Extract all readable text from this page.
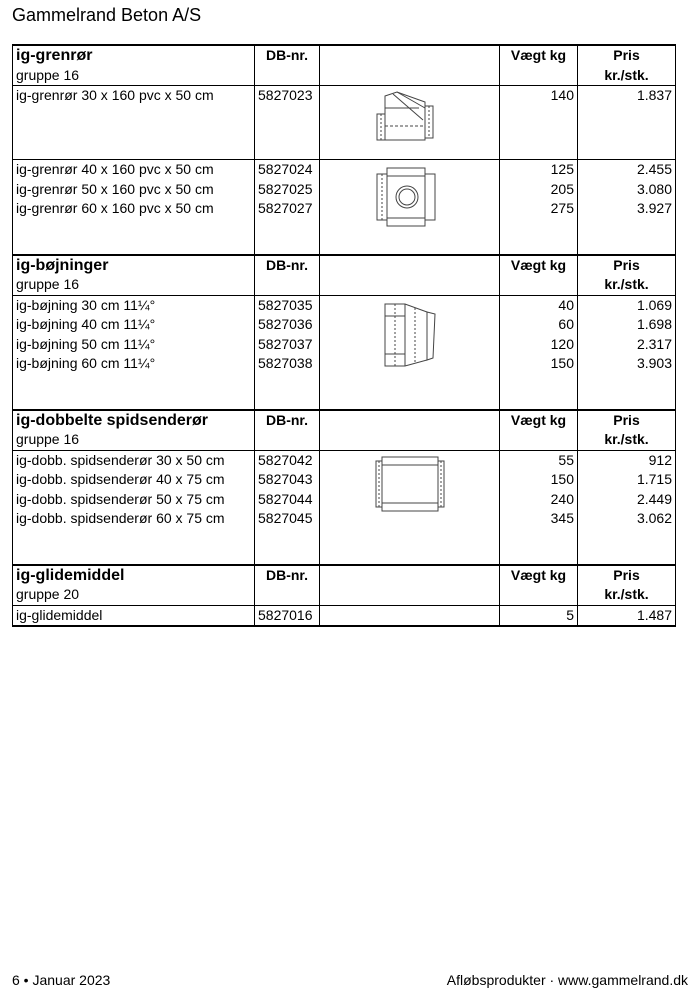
Gammelrand Beton A/S
ig-grenrør	DB-nr.		Vægt kg	Pris
gruppe 16				kr./stk.
ig-grenrør 30 x 160 pvc x 50 cm	5827023		140	1.837
ig-grenrør 40 x 160 pvc x 50 cm	5827024		125	2.455
ig-grenrør 50 x 160 pvc x 50 cm	5827025		205	3.080
ig-grenrør 60 x 160 pvc x 50 cm	5827027		275	3.927

ig-bøjninger	DB-nr.		Vægt kg	Pris
gruppe 16				kr./stk.
ig-bøjning 30 cm 11¼°	5827035		40	1.069
ig-bøjning 40 cm 11¼°	5827036		60	1.698
ig-bøjning 50 cm 11¼°	5827037		120	2.317
ig-bøjning 60 cm 11¼°	5827038		150	3.903

ig-dobbelte spidsenderør	DB-nr.		Vægt kg	Pris
gruppe 16				kr./stk.
ig-dobb. spidsenderør 30 x 50 cm	5827042		55	912
ig-dobb. spidsenderør 40 x 75 cm	5827043		150	1.715
ig-dobb. spidsenderør 50 x 75 cm	5827044		240	2.449
ig-dobb. spidsenderør 60 x 75 cm	5827045		345	3.062

ig-glidemiddel	DB-nr.		Vægt kg	Pris
gruppe 20				kr./stk.
ig-glidemiddel	5827016		5	1.487
6 • Januar 2023	Afløbsprodukter · www.gammelrand.dk
